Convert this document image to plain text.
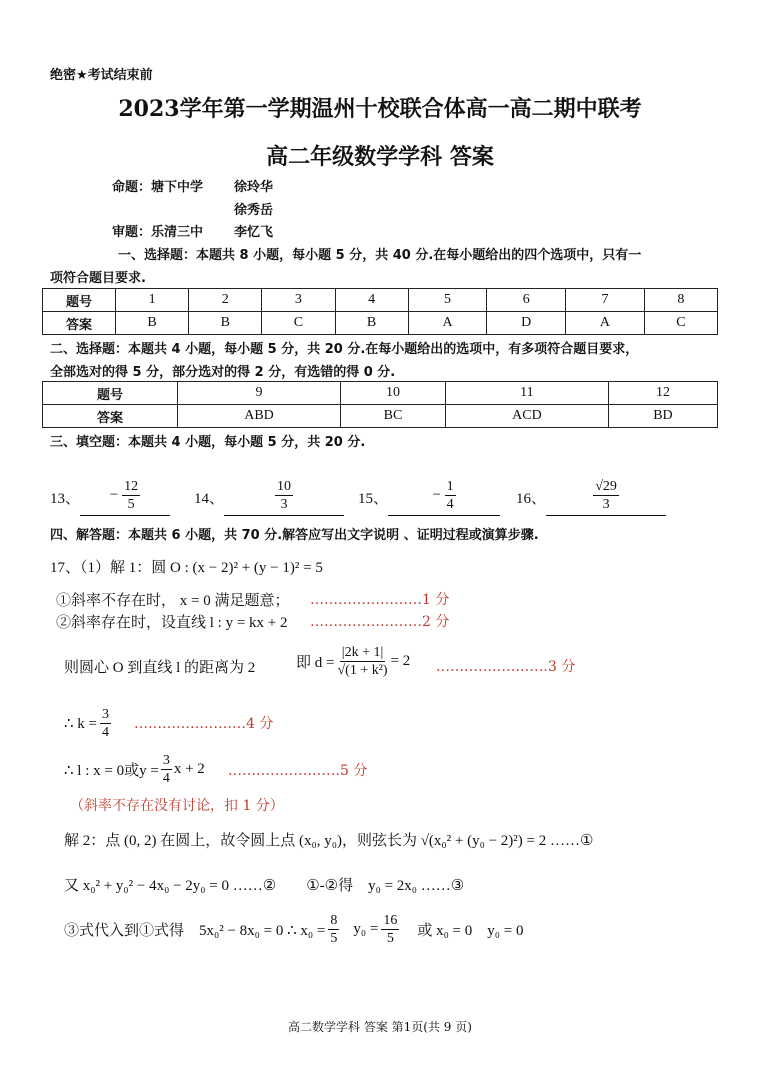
绝密★考试结束前
2023学年第一学期温州十校联合体高一高二期中联考
高二年级数学学科 答案
命题：塘下中学 徐玲华
徐秀岳
审题：乐清三中 李忆飞
一、选择题：本题共 8 小题，每小题 5 分，共 40 分.在每小题给出的四个选项中，只有一
项符合题目要求.
题号	1	2	3	4	5	6	7	8
答案	B	B	C	B	A	D	A	C
二、选择题：本题共 4 小题，每小题 5 分，共 20 分.在每小题给出的选项中，有多项符合题目要求，
全部选对的得 5 分，部分选对的得 2 分，有选错的得 0 分.
题号	9	10	11	12
答案	ABD	BC	ACD	BD
三、填空题：本题共 4 小题，每小题 5 分，共 20 分.
13、	− $\frac{12}{5}$	14、	$\frac{10}{3}$	15、	− $\frac{1}{4}$	16、	$\frac{√29}{3}$
四、解答题：本题共 6 小题，共 70 分.解答应写出文字说明 、证明过程或演算步骤.
17、（1）解 1：圆 O : (x − 2)² + (y − 1)² = 5
①斜率不存在时， x = 0 满足题意； ……………………1 分
②斜率存在时，设直线 l : y = kx + 2 ……………………2 分
则圆心 O 到直线 l 的距离为 2	即 $d = \frac{|2k + 1|}{\text{√(1 + k²)}} = 2$ ……………………3 分
∴ $k = \frac{3}{4}$ ……………………4 分
∴ l : x = 0或$y = \frac{3}{4}$ x + 2 ……………………5 分
（斜率不存在没有讨论，扣 1 分）
解 2：点 (0, 2) 在圆上，故令圆上点 (x₀, y₀)，则弦长为 √(x₀² + (y₀ − 2)²) = 2 ……①
又 x₀² + y₀² − 4x₀ − 2y₀ = 0 ……②　　①-②得　y₀ = 2x₀ ……③
③式代入到①式得　5x₀² − 8x₀ = 0 ∴ $x_0 = \frac{8}{5} y_0 = \frac{16}{5}$ 或 x₀ = 0　y₀ = 0
高二数学学科 答案 第1页(共 9 页)
